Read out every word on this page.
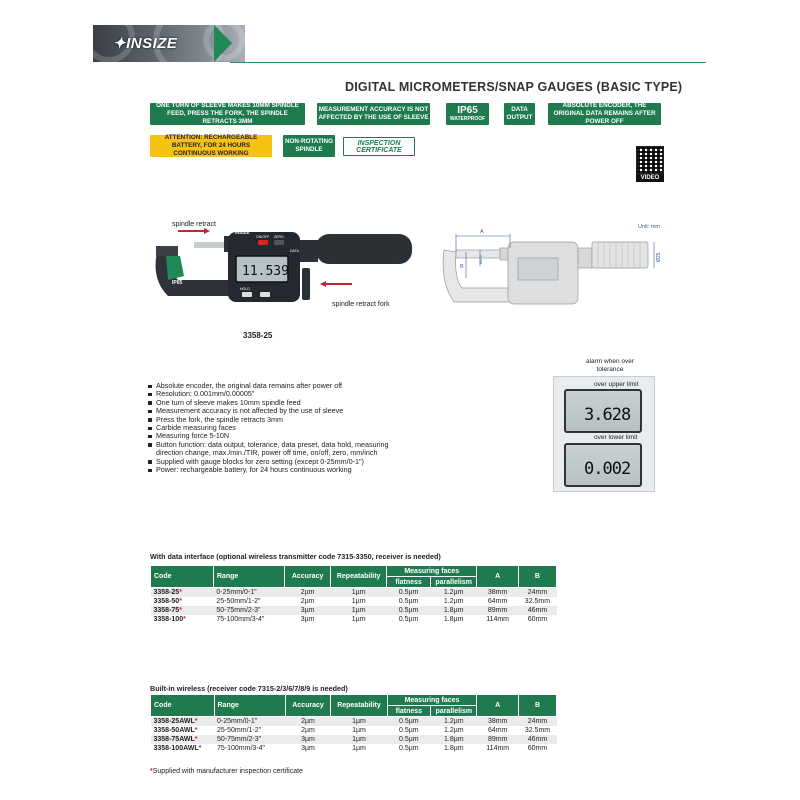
✦INSIZE
DIGITAL MICROMETERS/SNAP GAUGES (BASIC TYPE)
ONE TURN OF SLEEVE MAKES 10MM SPINDLE FEED, PRESS THE FORK, THE SPINDLE RETRACTS 3MM
MEASUREMENT ACCURACY IS NOT AFFECTED BY THE USE OF SLEEVE
IP65
WATERPROOF
DATA OUTPUT
ABSOLUTE ENCODER, THE ORIGINAL DATA REMAINS AFTER POWER OFF
ATTENTION: RECHARGEABLE BATTERY, FOR 24 HOURS CONTINUOUS WORKING
NON-ROTATING SPINDLE
INSPECTION
CERTIFICATE
VIDEO
IP65
11.539
INSIZE
ON/OFF ZERO
DATA
HOLD
spindle retract
spindle retract fork
3358-25
Unit: mm
A
B
Ø6.5	Ø25
alarm when over tolerance
over upper limit
3.628
over lower limit
0.002
Absolute encoder, the original data remains after power off
Resolution: 0.001mm/0.00005"
One turn of sleeve makes 10mm spindle feed
Measurement accuracy is not affected by the use of sleeve
Press the fork, the spindle retracts 3mm
Carbide measuring faces
Measuring force 5-10N
Button function: data output, tolerance, data preset, data hold, measuring direction change, max./min./TIR, power off time, on/off, zero, mm/inch
Supplied with gauge blocks for zero setting (except 0-25mm/0-1")
Power: rechargeable battery, for 24 hours continuous working
With data interface (optional wireless transmitter code 7315-3350, receiver is needed)
Code	Range	Accuracy	Repeatability	Measuring faces		A	B
				flatness	parallelism		
3358-25*	0-25mm/0-1"	2µm	1µm	0.5µm	1.2µm	38mm	24mm
3358-50*	25-50mm/1-2"	2µm	1µm	0.5µm	1.2µm	64mm	32.5mm
3358-75*	50-75mm/2-3"	3µm	1µm	0.5µm	1.8µm	89mm	46mm
3358-100*	75-100mm/3-4"	3µm	1µm	0.5µm	1.8µm	114mm	60mm
Built-in wireless (receiver code 7315-2/3/6/7/8/9 is needed)
Code	Range	Accuracy	Repeatability	Measuring faces		A	B
				flatness	parallelism		
3358-25AWL*	0-25mm/0-1"	2µm	1µm	0.5µm	1.2µm	38mm	24mm
3358-50AWL*	25-50mm/1-2"	2µm	1µm	0.5µm	1.2µm	64mm	32.5mm
3358-75AWL*	50-75mm/2-3"	3µm	1µm	0.5µm	1.8µm	89mm	46mm
3358-100AWL*	75-100mm/3-4"	3µm	1µm	0.5µm	1.8µm	114mm	60mm
*Supplied with manufacturer inspection certificate
